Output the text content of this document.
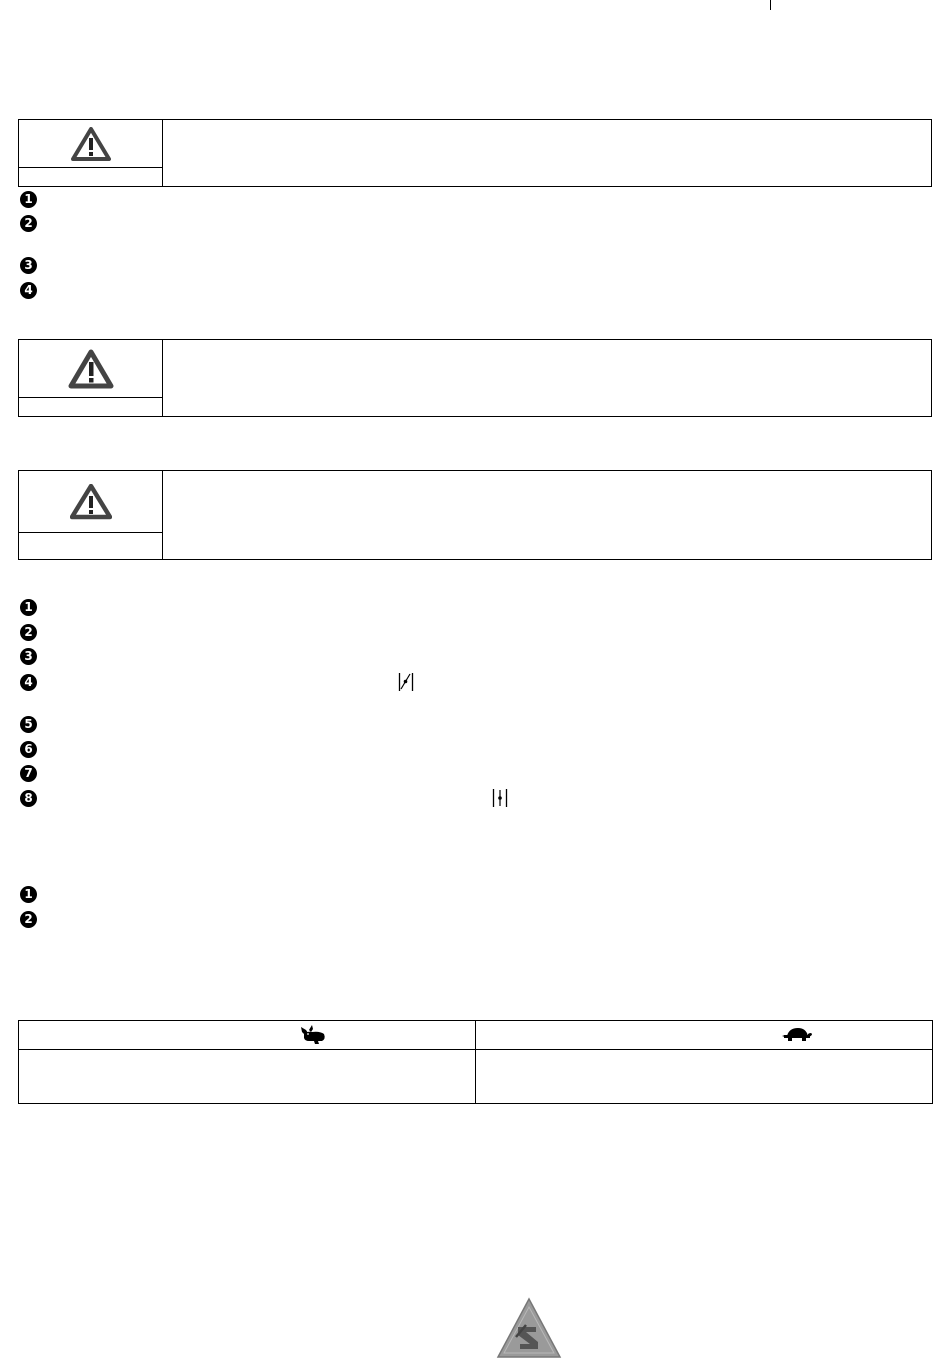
1
2
3
4
1
2
3
4
5
6
7
8
1
2
